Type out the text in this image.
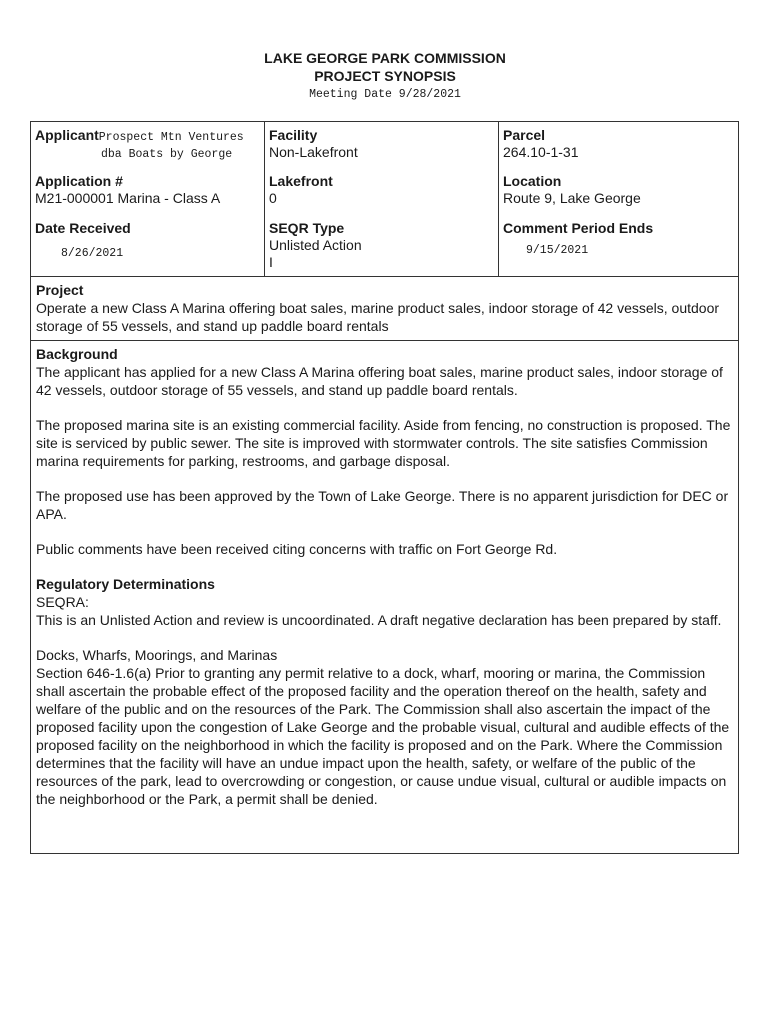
LAKE GEORGE PARK COMMISSION
PROJECT SYNOPSIS
Meeting Date 9/28/2021
ApplicantProspect Mtn Ventures
dba Boats by George
Facility
Non-Lakefront
Parcel
264.10-1-31
Application #
M21-000001 Marina - Class A
Lakefront
0
Location
Route 9, Lake George
Date Received
8/26/2021
SEQR Type
Unlisted Action
I
Comment Period Ends
9/15/2021

Project

Operate a new Class A Marina offering boat sales, marine product sales, indoor storage of 42 vessels, outdoor storage of 55 vessels, and stand up paddle board rentals

Background

The applicant has applied for a new Class A Marina offering boat sales, marine product sales, indoor storage of 42 vessels, outdoor storage of 55 vessels, and stand up paddle board rentals.

The proposed marina site is an existing commercial facility. Aside from fencing, no construction is proposed. The site is serviced by public sewer. The site is improved with stormwater controls. The site satisfies Commission marina requirements for parking, restrooms, and garbage disposal.

The proposed use has been approved by the Town of Lake George. There is no apparent jurisdiction for DEC or APA.

Public comments have been received citing concerns with traffic on Fort George Rd.

Regulatory Determinations

SEQRA:

This is an Unlisted Action and review is uncoordinated. A draft negative declaration has been prepared by staff.

Docks, Wharfs, Moorings, and Marinas

Section 646-1.6(a) Prior to granting any permit relative to a dock, wharf, mooring or marina, the Commission shall ascertain the probable effect of the proposed facility and the operation thereof on the health, safety and welfare of the public and on the resources of the Park. The Commission shall also ascertain the impact of the proposed facility upon the congestion of Lake George and the probable visual, cultural and audible effects of the proposed facility on the neighborhood in which the facility is proposed and on the Park. Where the Commission determines that the facility will have an undue impact upon the health, safety, or welfare of the public of the resources of the park, lead to overcrowding or congestion, or cause undue visual, cultural or audible impacts on the neighborhood or the Park, a permit shall be denied.
